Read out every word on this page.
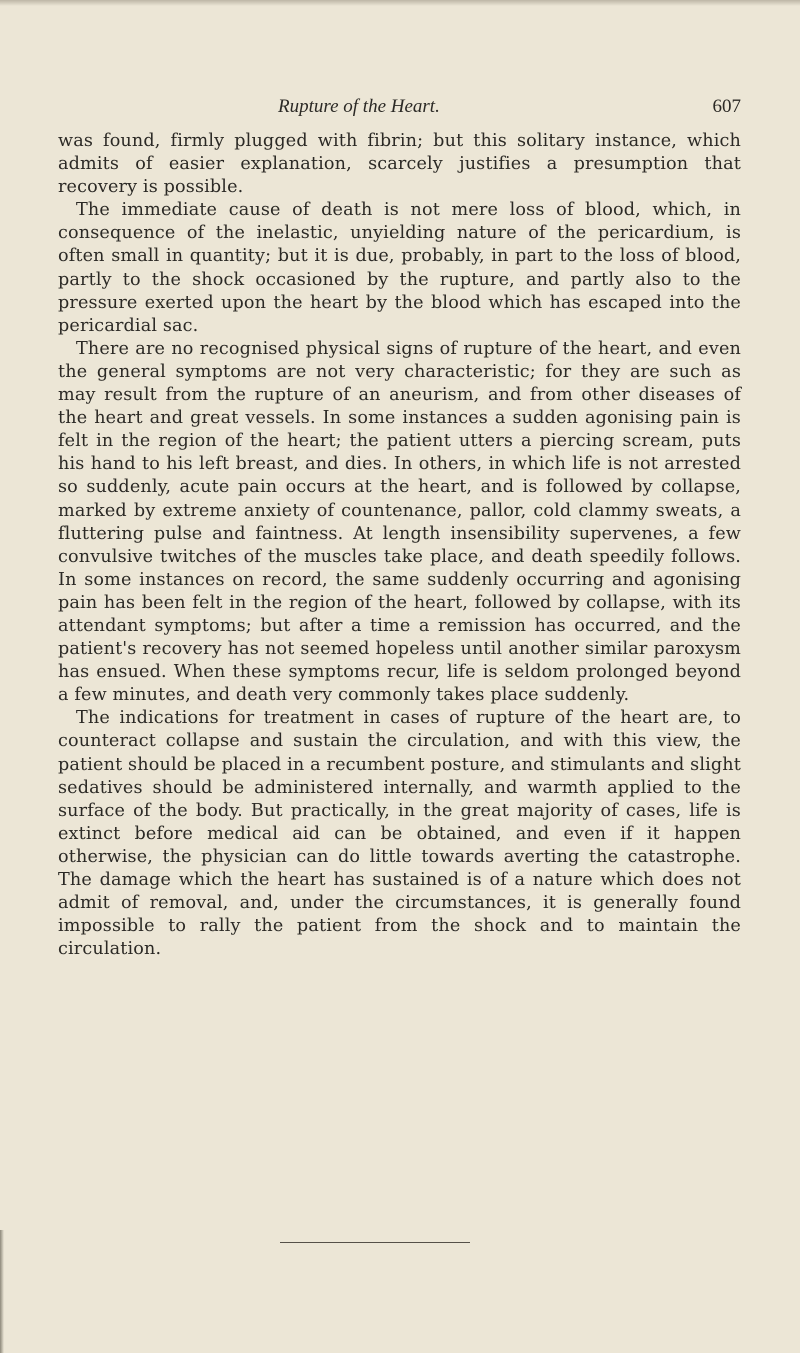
Rupture of the Heart.	607

was found, firmly plugged with fibrin; but this solitary instance, which admits of easier explanation, scarcely justifies a presumption that recovery is possible.

The immediate cause of death is not mere loss of blood, which, in consequence of the inelastic, unyielding nature of the pericardium, is often small in quantity; but it is due, probably, in part to the loss of blood, partly to the shock occasioned by the rupture, and partly also to the pressure exerted upon the heart by the blood which has escaped into the pericardial sac.

There are no recognised physical signs of rupture of the heart, and even the general symptoms are not very characteristic; for they are such as may result from the rupture of an aneurism, and from other diseases of the heart and great vessels. In some instances a sudden agonising pain is felt in the region of the heart; the patient utters a piercing scream, puts his hand to his left breast, and dies. In others, in which life is not arrested so suddenly, acute pain occurs at the heart, and is followed by collapse, marked by extreme anxiety of countenance, pallor, cold clammy sweats, a fluttering pulse and faintness. At length insensibility supervenes, a few convulsive twitches of the muscles take place, and death speedily follows. In some instances on record, the same suddenly occurring and agonising pain has been felt in the region of the heart, followed by collapse, with its attendant symptoms; but after a time a remission has occurred, and the patient's recovery has not seemed hopeless until another similar paroxysm has ensued. When these symptoms recur, life is seldom prolonged beyond a few minutes, and death very commonly takes place suddenly.

The indications for treatment in cases of rupture of the heart are, to counteract collapse and sustain the circulation, and with this view, the patient should be placed in a recumbent posture, and stimulants and slight sedatives should be administered internally, and warmth applied to the surface of the body. But practically, in the great majority of cases, life is extinct before medical aid can be obtained, and even if it happen otherwise, the physician can do little towards averting the catastrophe. The damage which the heart has sustained is of a nature which does not admit of removal, and, under the circumstances, it is generally found impossible to rally the patient from the shock and to maintain the circulation.
